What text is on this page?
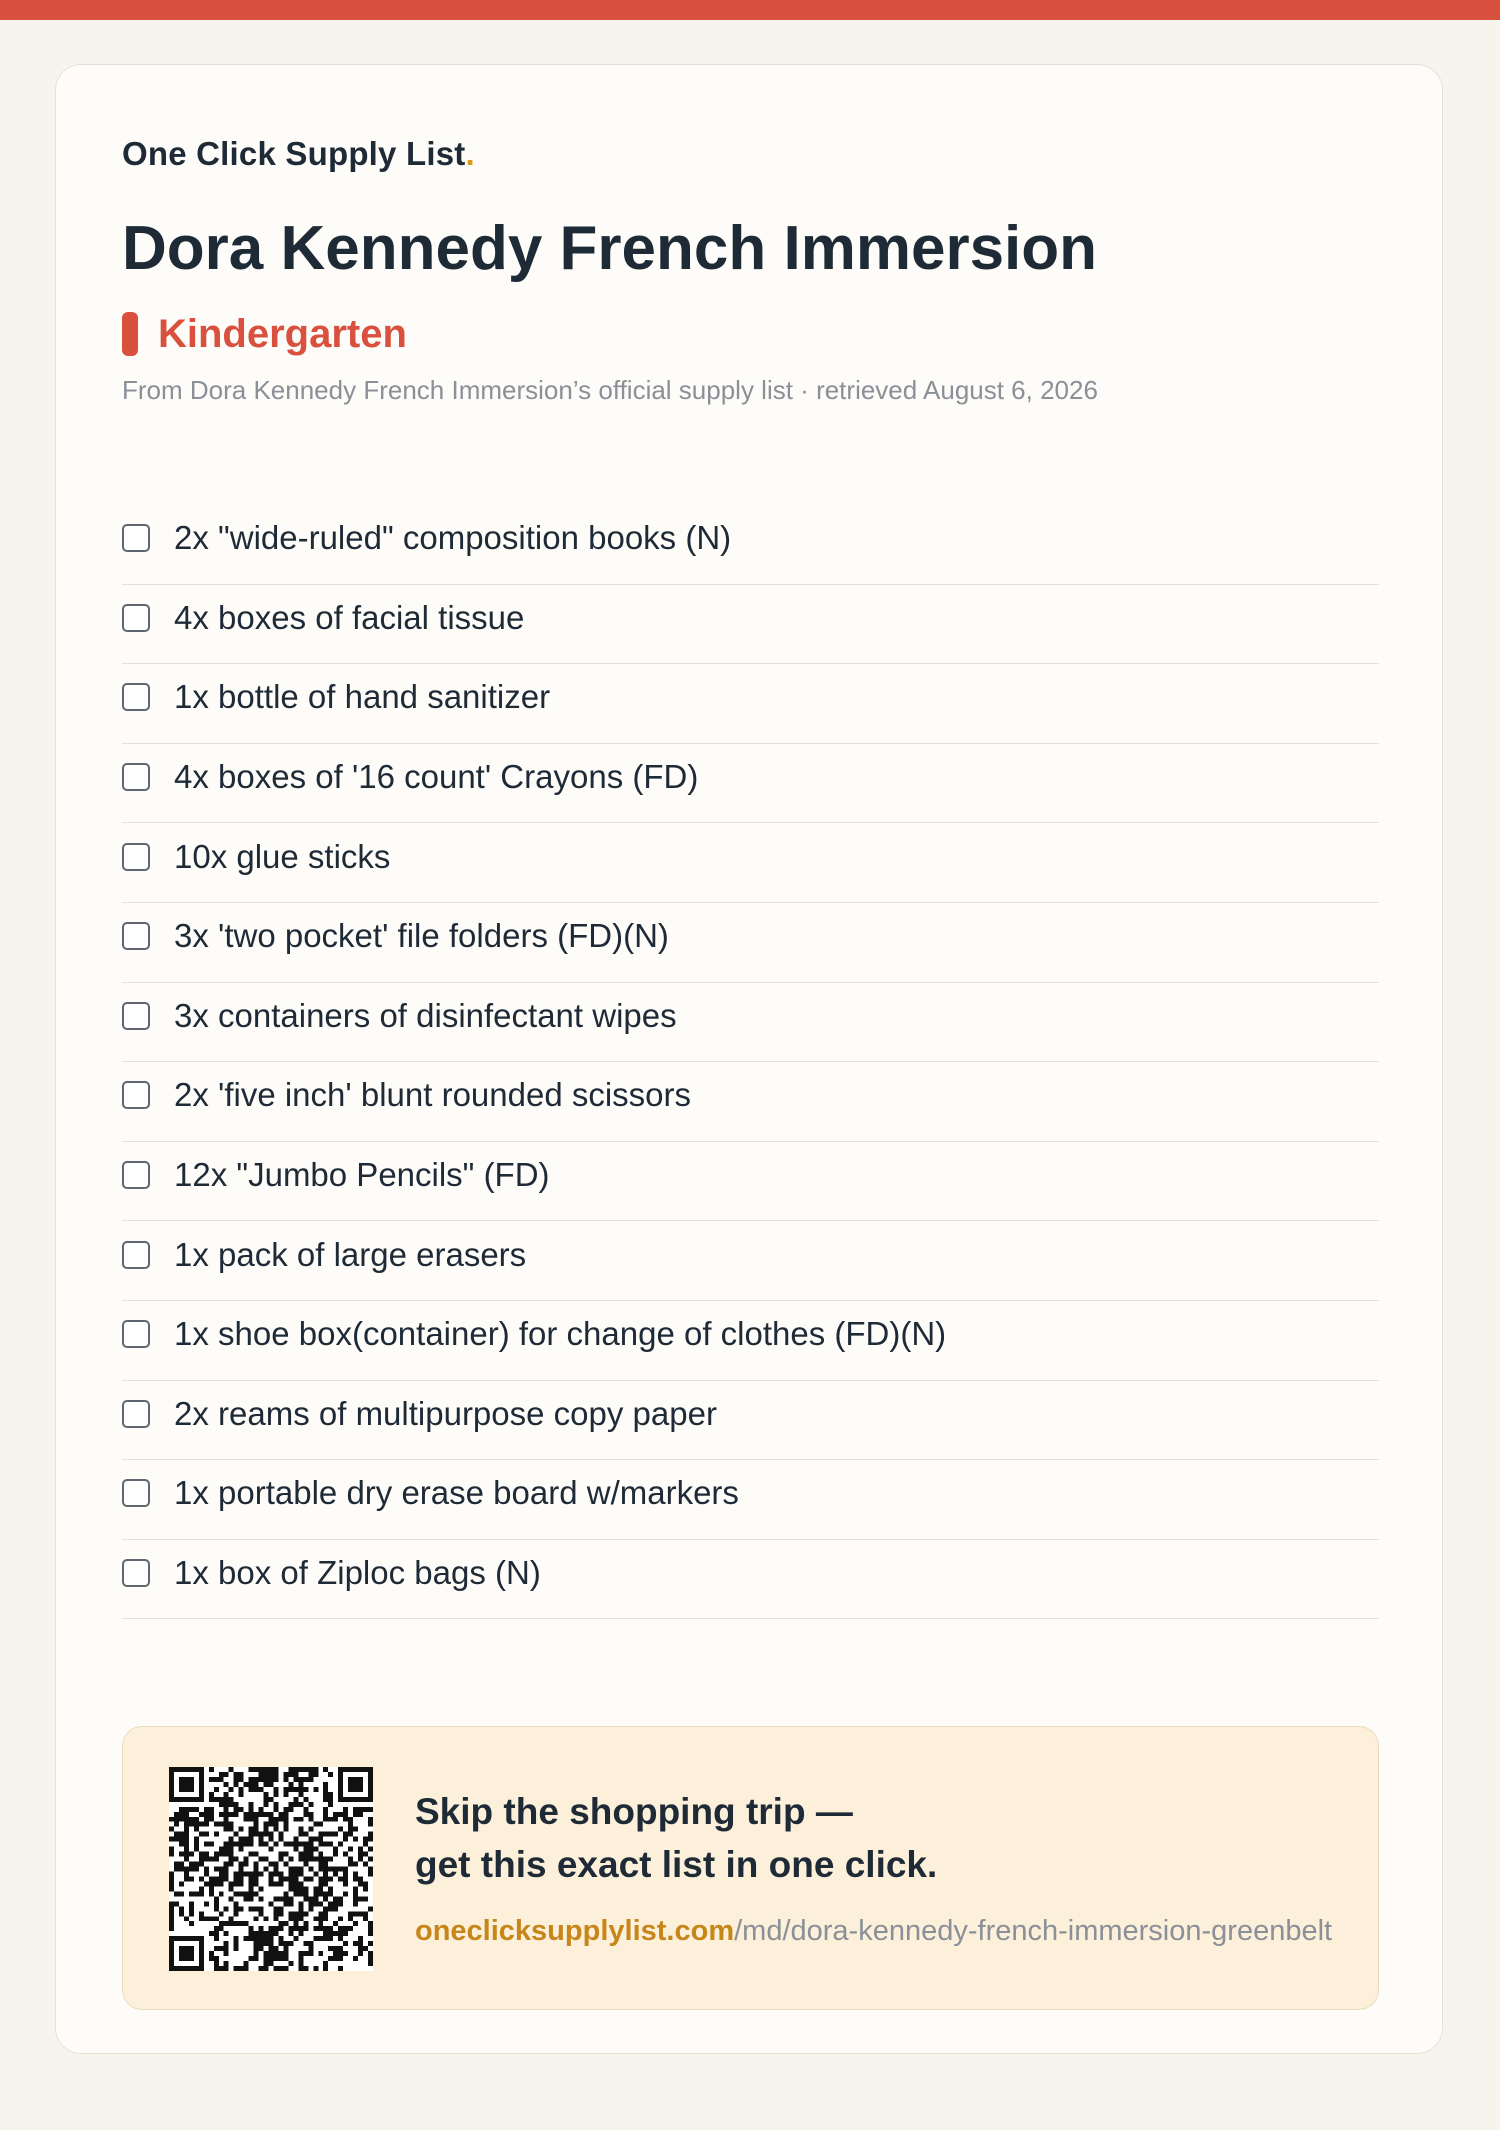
One Click Supply List.
Dora Kennedy French Immersion
Kindergarten
From Dora Kennedy French Immersion’s official supply list · retrieved August 6, 2026
2x "wide-ruled" composition books (N)
4x boxes of facial tissue
1x bottle of hand sanitizer
4x boxes of '16 count' Crayons (FD)
10x glue sticks
3x 'two pocket' file folders (FD)(N)
3x containers of disinfectant wipes
2x 'five inch' blunt rounded scissors
12x "Jumbo Pencils" (FD)
1x pack of large erasers
1x shoe box(container) for change of clothes (FD)(N)
2x reams of multipurpose copy paper
1x portable dry erase board w/markers
1x box of Ziploc bags (N)
Skip the shopping trip —
get this exact list in one click.
oneclicksupplylist.com/md/dora-kennedy-french-immersion-greenbelt
